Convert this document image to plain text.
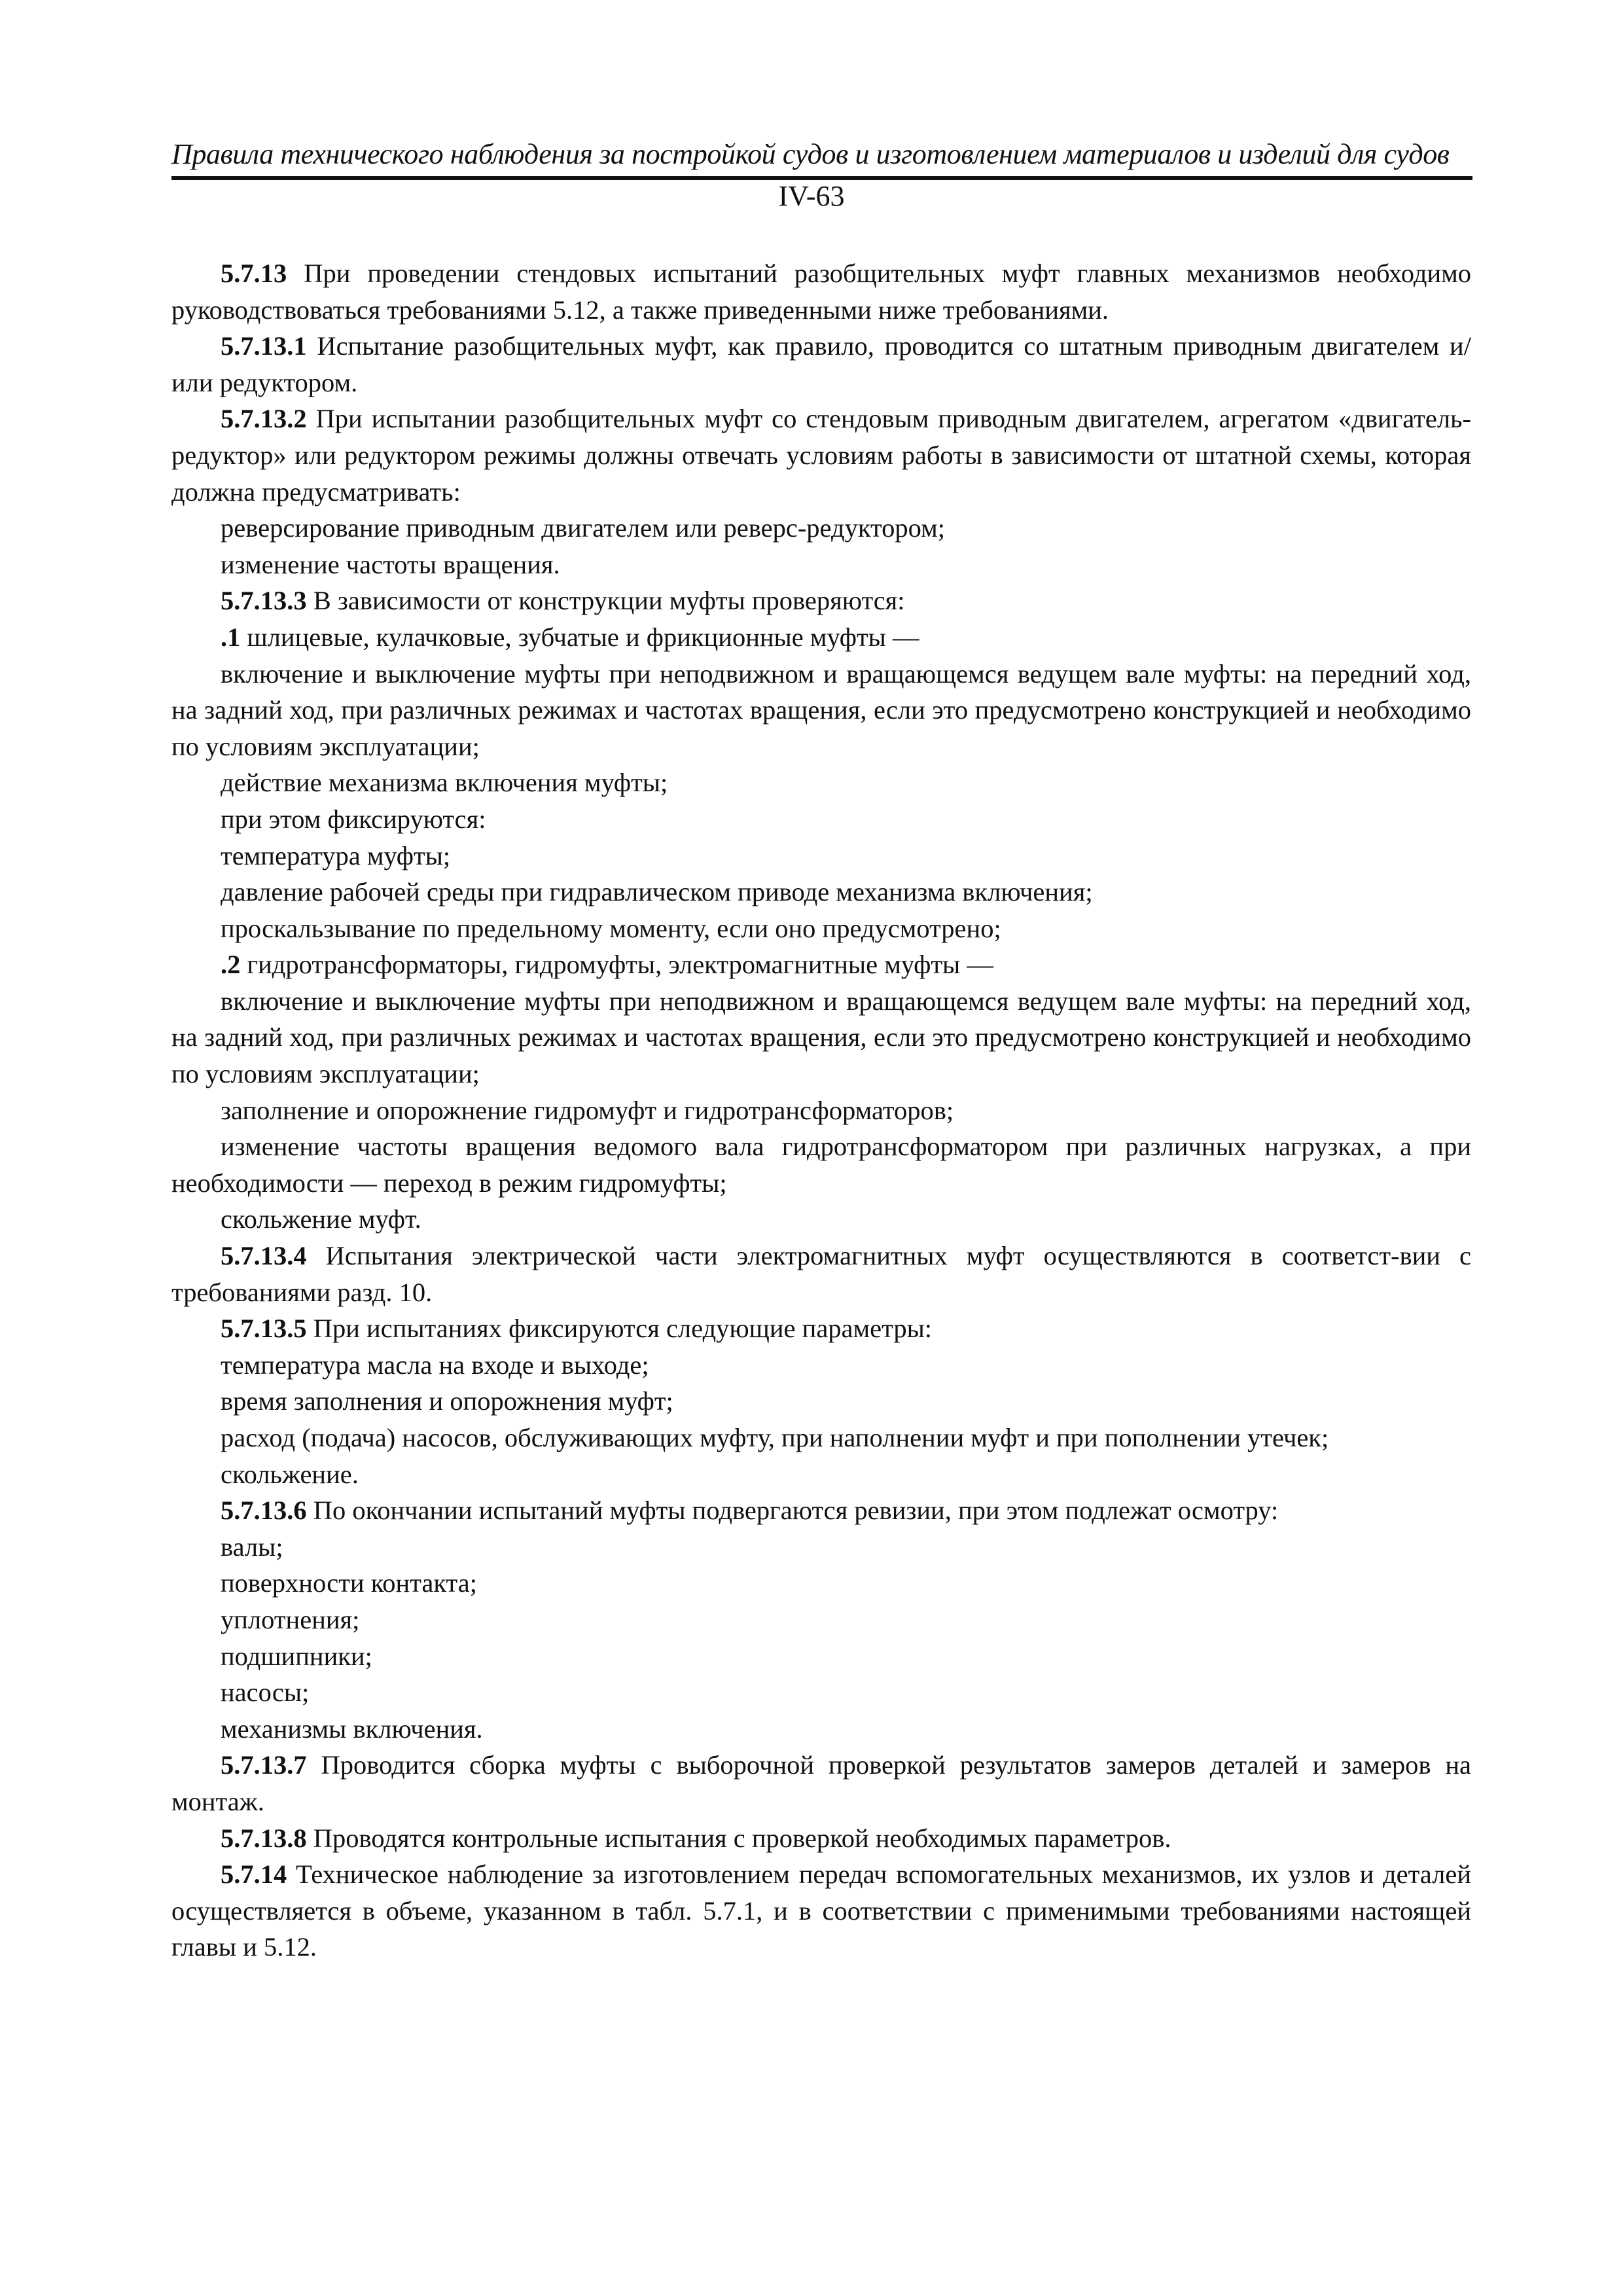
Правила технического наблюдения за постройкой судов и изготовлением материалов и изделий для судов
IV-63

5.7.13 При проведении стендовых испытаний разобщительных муфт главных механизмов необходимо руководствоваться требованиями 5.12, а также приведенными ниже требованиями.

5.7.13.1 Испытание разобщительных муфт, как правило, проводится со штатным приводным двигателем и/или редуктором.

5.7.13.2 При испытании разобщительных муфт со стендовым приводным двигателем, агрегатом «двигатель-редуктор» или редуктором режимы должны отвечать условиям работы в зависимости от штатной схемы, которая должна предусматривать:

реверсирование приводным двигателем или реверс-редуктором;

изменение частоты вращения.

5.7.13.3 В зависимости от конструкции муфты проверяются:

.1 шлицевые, кулачковые, зубчатые и фрикционные муфты —

включение и выключение муфты при неподвижном и вращающемся ведущем вале муфты: на передний ход, на задний ход, при различных режимах и частотах вращения, если это предусмотрено конструкцией и необходимо по условиям эксплуатации;

действие механизма включения муфты;

при этом фиксируются:

температура муфты;

давление рабочей среды при гидравлическом приводе механизма включения;

проскальзывание по предельному моменту, если оно предусмотрено;

.2 гидротрансформаторы, гидромуфты, электромагнитные муфты —

включение и выключение муфты при неподвижном и вращающемся ведущем вале муфты: на передний ход, на задний ход, при различных режимах и частотах вращения, если это предусмотрено конструкцией и необходимо по условиям эксплуатации;

заполнение и опорожнение гидромуфт и гидротрансформаторов;

изменение частоты вращения ведомого вала гидротрансформатором при различных нагрузках, а при необходимости — переход в режим гидромуфты;

скольжение муфт.

5.7.13.4 Испытания электрической части электромагнитных муфт осуществляются в соответст-вии с требованиями разд. 10.

5.7.13.5 При испытаниях фиксируются следующие параметры:

температура масла на входе и выходе;

время заполнения и опорожнения муфт;

расход (подача) насосов, обслуживающих муфту, при наполнении муфт и при пополнении утечек;

скольжение.

5.7.13.6 По окончании испытаний муфты подвергаются ревизии, при этом подлежат осмотру:

валы;

поверхности контакта;

уплотнения;

подшипники;

насосы;

механизмы включения.

5.7.13.7 Проводится сборка муфты с выборочной проверкой результатов замеров деталей и замеров на монтаж.

5.7.13.8 Проводятся контрольные испытания с проверкой необходимых параметров.

5.7.14 Техническое наблюдение за изготовлением передач вспомогательных механизмов, их узлов и деталей осуществляется в объеме, указанном в табл. 5.7.1, и в соответствии с применимыми требованиями настоящей главы и 5.12.
